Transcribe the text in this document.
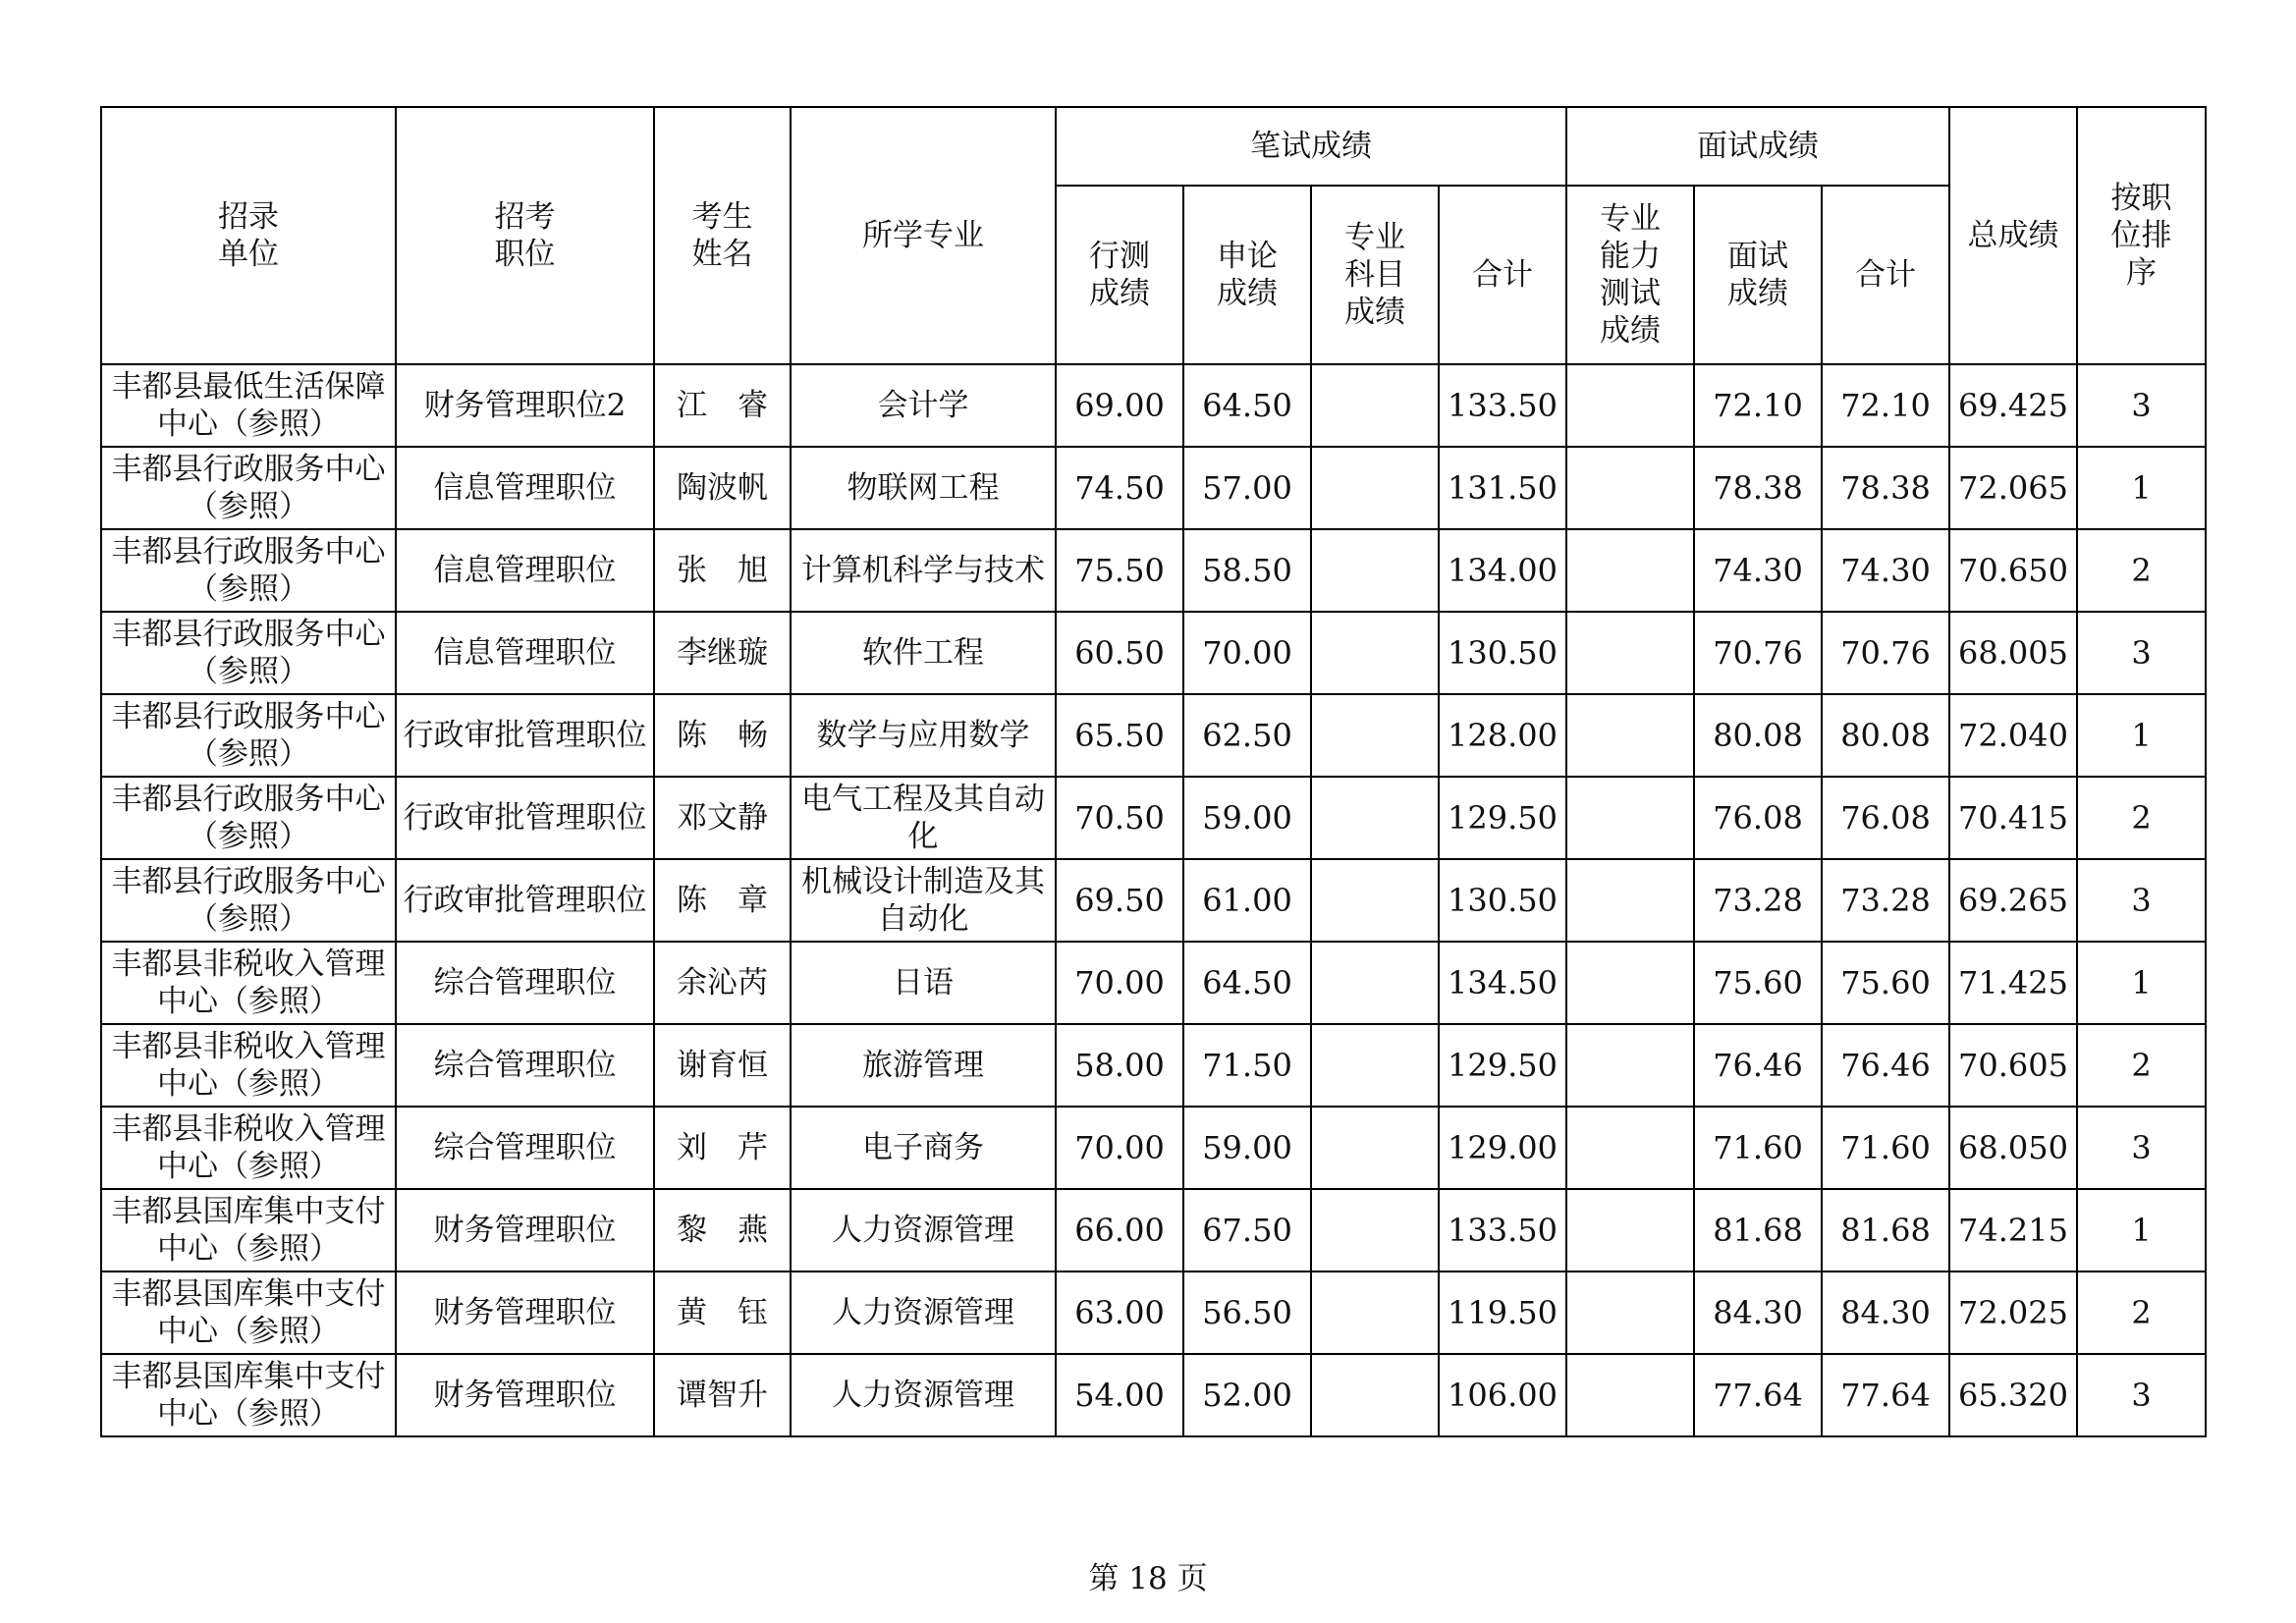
招录单位	招考职位	考生姓名	所学专业	笔试成绩				面试成绩			总成绩	按职位排序
				行测成绩	申论成绩	专业科目成绩	合计	专业能力测试成绩	面试成绩	合计		
丰都县最低生活保障中心（参照）	财务管理职位2	江　睿	会计学	69.00	64.50		133.50		72.10	72.10	69.425	3
丰都县行政服务中心（参照）	信息管理职位	陶波帆	物联网工程	74.50	57.00		131.50		78.38	78.38	72.065	1
丰都县行政服务中心（参照）	信息管理职位	张　旭	计算机科学与技术	75.50	58.50		134.00		74.30	74.30	70.650	2
丰都县行政服务中心（参照）	信息管理职位	李继璇	软件工程	60.50	70.00		130.50		70.76	70.76	68.005	3
丰都县行政服务中心（参照）	行政审批管理职位	陈　畅	数学与应用数学	65.50	62.50		128.00		80.08	80.08	72.040	1
丰都县行政服务中心（参照）	行政审批管理职位	邓文静	电气工程及其自动化	70.50	59.00		129.50		76.08	76.08	70.415	2
丰都县行政服务中心（参照）	行政审批管理职位	陈　章	机械设计制造及其自动化	69.50	61.00		130.50		73.28	73.28	69.265	3
丰都县非税收入管理中心（参照）	综合管理职位	余沁芮	日语	70.00	64.50		134.50		75.60	75.60	71.425	1
丰都县非税收入管理中心（参照）	综合管理职位	谢育恒	旅游管理	58.00	71.50		129.50		76.46	76.46	70.605	2
丰都县非税收入管理中心（参照）	综合管理职位	刘　芹	电子商务	70.00	59.00		129.00		71.60	71.60	68.050	3
丰都县国库集中支付中心（参照）	财务管理职位	黎　燕	人力资源管理	66.00	67.50		133.50		81.68	81.68	74.215	1
丰都县国库集中支付中心（参照）	财务管理职位	黄　钰	人力资源管理	63.00	56.50		119.50		84.30	84.30	72.025	2
丰都县国库集中支付中心（参照）	财务管理职位	谭智升	人力资源管理	54.00	52.00		106.00		77.64	77.64	65.320	3
第 18 页
